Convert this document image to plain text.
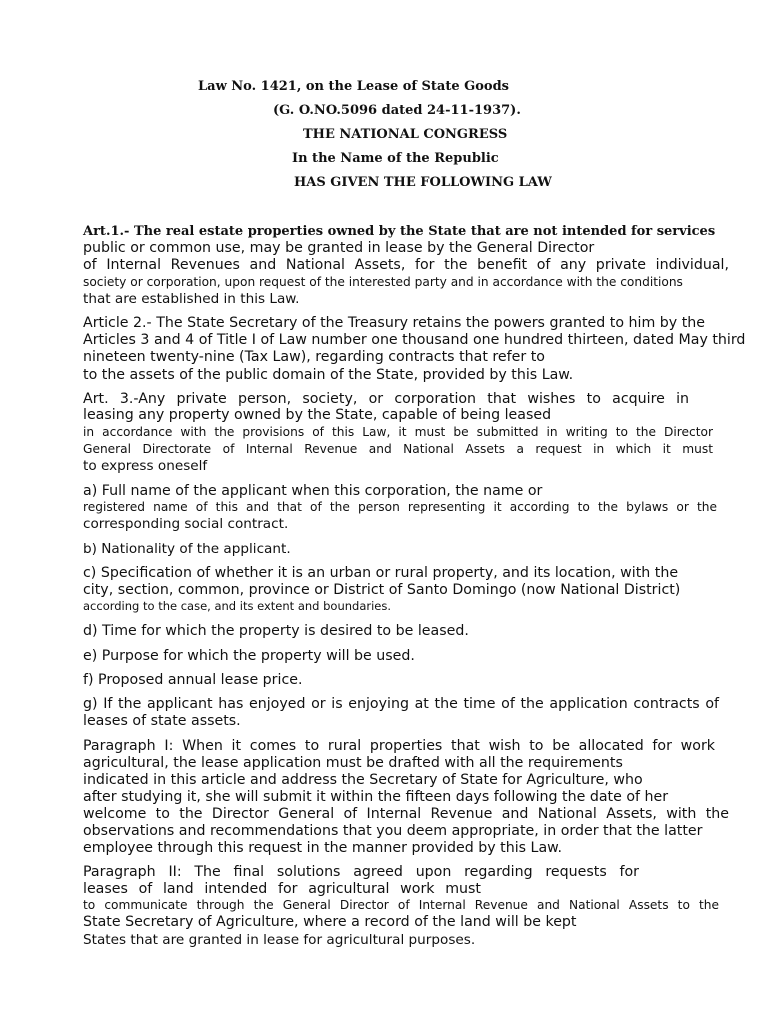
Law No. 1421, on the Lease of State Goods
(G. O.NO.5096 dated 24-11-1937).
THE NATIONAL CONGRESS
In the Name of the Republic
HAS GIVEN THE FOLLOWING LAW
Art.1.- The real estate properties owned by the State that are not intended for services
public or common use, may be granted in lease by the General Director
of Internal Revenues and National Assets, for the benefit of any private individual,
society or corporation, upon request of the interested party and in accordance with the conditions
that are established in this Law.
Article 2.- The State Secretary of the Treasury retains the powers granted to him by the
Articles 3 and 4 of Title I of Law number one thousand one hundred thirteen, dated May third
nineteen twenty-nine (Tax Law), regarding contracts that refer to
to the assets of the public domain of the State, provided by this Law.
Art. 3.-Any private person, society, or corporation that wishes to acquire in
leasing any property owned by the State, capable of being leased
in accordance with the provisions of this Law, it must be submitted in writing to the Director
General Directorate of Internal Revenue and National Assets a request in which it must
to express oneself
a) Full name of the applicant when this corporation, the name or
registered name of this and that of the person representing it according to the bylaws or the
corresponding social contract.
b) Nationality of the applicant.
c) Specification of whether it is an urban or rural property, and its location, with the
city, section, common, province or District of Santo Domingo (now National District)
according to the case, and its extent and boundaries.
d) Time for which the property is desired to be leased.
e) Purpose for which the property will be used.
f) Proposed annual lease price.
g) If the applicant has enjoyed or is enjoying at the time of the application contracts of
leases of state assets.
Paragraph I: When it comes to rural properties that wish to be allocated for work
agricultural, the lease application must be drafted with all the requirements
indicated in this article and address the Secretary of State for Agriculture, who
after studying it, she will submit it within the fifteen days following the date of her
welcome to the Director General of Internal Revenue and National Assets, with the
observations and recommendations that you deem appropriate, in order that the latter
employee through this request in the manner provided by this Law.
Paragraph II: The final solutions agreed upon regarding requests for
leases of land intended for agricultural work must
to communicate through the General Director of Internal Revenue and National Assets to the
State Secretary of Agriculture, where a record of the land will be kept
States that are granted in lease for agricultural purposes.
